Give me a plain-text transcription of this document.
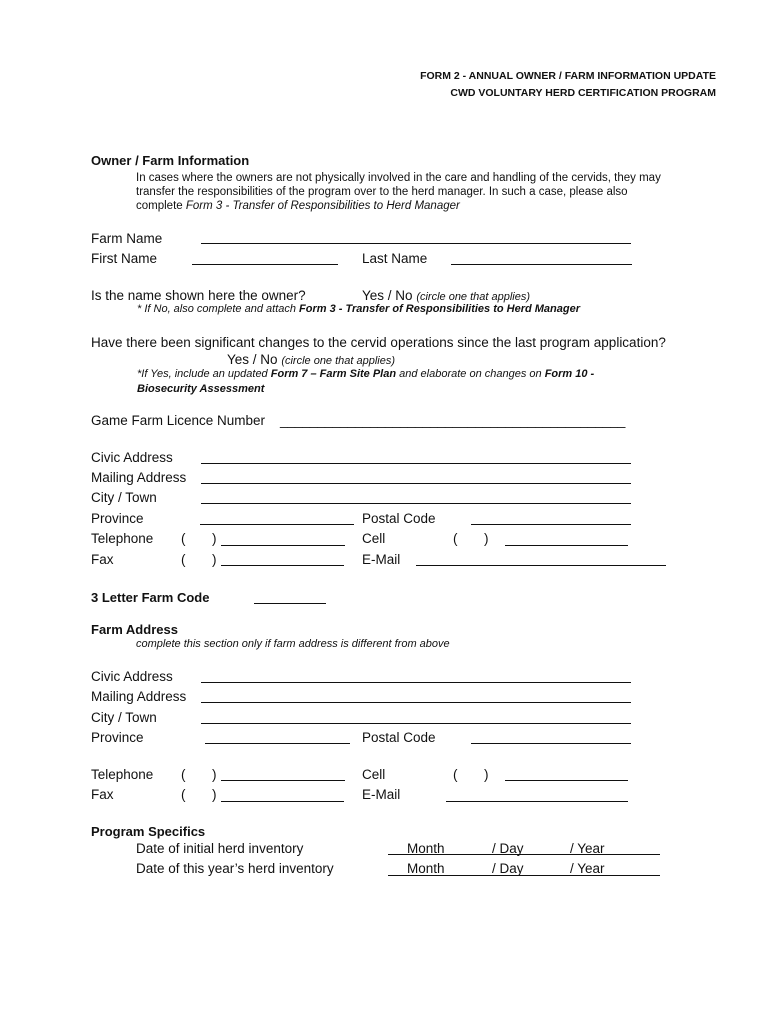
FORM 2 - ANNUAL OWNER / FARM INFORMATION UPDATE
CWD VOLUNTARY HERD CERTIFICATION PROGRAM
Owner / Farm Information
In cases where the owners are not physically involved in the care and handling of the cervids, they may
transfer the responsibilities of the program over to the herd manager. In such a case, please also
complete Form 3 - Transfer of Responsibilities to Herd Manager
Farm Name
First Name	Last Name
Is the name shown here the owner?	Yes / No (circle one that applies)
* If No, also complete and attach Form 3 - Transfer of Responsibilities to Herd Manager
Have there been significant changes to the cervid operations since the last program application?
Yes / No (circle one that applies)
*If Yes, include an updated Form 7 – Farm Site Plan and elaborate on changes on Form 10 -
Biosecurity Assessment
Game Farm Licence Number ______________________________________________
Civic Address
Mailing Address
City / Town
Province	Postal Code
Telephone ( )	Cell	( )
Fax	( )	E-Mail
3 Letter Farm Code
Farm Address
complete this section only if farm address is different from above
Civic Address
Mailing Address
City / Town
Province	Postal Code
Telephone ( )	Cell	( )
Fax	( )	E-Mail
Program Specifics
Date of initial herd inventory	Month	/ Day	/ Year
Date of this year’s herd inventory	Month	/ Day	/ Year
